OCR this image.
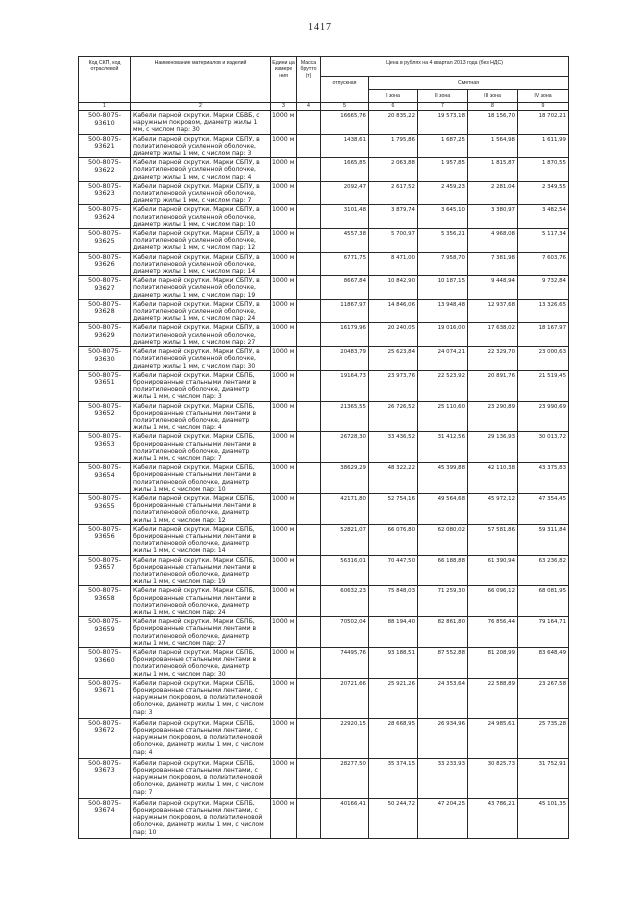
1417
Код СКП, код отраслевой	Наименование материалов и изделий	Едини ца измере ния	Масса брутто (т)	Цена в рублях на 4 квартал 2013 года (без НДС)				
				отпускная	Сметная			
					I зона	II зона	III зона	IV зона
1	2	3	4	5	6	7	8	9
500-8075-93610	Кабели парной скрутки. Марки СБВБ, с наружным покровом, диаметр жилы 1 мм, с числом пар: 30	1000 м		16665,76	20 835,22	19 573,18	18 156,70	18 702,21
500-8075-93621	Кабели парной скрутки. Марки СБПУ, в полиэтиленовой усиленной оболочке, диаметр жилы 1 мм, с числом пар: 3	1000 м		1438,61	1 795,86	1 687,25	1 564,98	1 611,99
500-8075-93622	Кабели парной скрутки. Марки СБПУ, в полиэтиленовой усиленной оболочке, диаметр жилы 1 мм, с числом пар: 4	1000 м		1665,85	2 063,88	1 957,85	1 815,87	1 870,55
500-8075-93623	Кабели парной скрутки. Марки СБПУ, в полиэтиленовой усиленной оболочке, диаметр жилы 1 мм, с числом пар: 7	1000 м		2092,47	2 617,52	2 459,23	2 281,04	2 349,55
500-8075-93624	Кабели парной скрутки. Марки СБПУ, в полиэтиленовой усиленной оболочке, диаметр жилы 1 мм, с числом пар: 10	1000 м		3101,48	3 879,74	3 645,10	3 380,97	3 482,54
500-8075-93625	Кабели парной скрутки. Марки СБПУ, в полиэтиленовой усиленной оболочке, диаметр жилы 1 мм, с числом пар: 12	1000 м		4557,38	5 700,97	5 356,21	4 968,08	5 117,34
500-8075-93626	Кабели парной скрутки. Марки СБПУ, в полиэтиленовой усиленной оболочке, диаметр жилы 1 мм, с числом пар: 14	1000 м		6771,75	8 471,00	7 958,70	7 381,98	7 603,76
500-8075-93627	Кабели парной скрутки. Марки СБПУ, в полиэтиленовой усиленной оболочке, диаметр жилы 1 мм, с числом пар: 19	1000 м		8667,84	10 842,90	10 187,15	9 448,94	9 732,84
500-8075-93628	Кабели парной скрутки. Марки СБПУ, в полиэтиленовой усиленной оболочке, диаметр жилы 1 мм, с числом пар: 24	1000 м		11867,97	14 846,06	13 948,48	12 937,68	13 326,65
500-8075-93629	Кабели парной скрутки. Марки СБПУ, в полиэтиленовой усиленной оболочке, диаметр жилы 1 мм, с числом пар: 27	1000 м		16179,96	20 240,05	19 016,00	17 638,02	18 167,97
500-8075-93630	Кабели парной скрутки. Марки СБПУ, в полиэтиленовой усиленной оболочке, диаметр жилы 1 мм, с числом пар: 30	1000 м		20483,79	25 623,84	24 074,21	22 329,70	23 000,63
500-8075-93651	Кабели парной скрутки. Марки СБПБ, бронированные стальными лентами в полиэтиленовой оболочке, диаметр жилы 1 мм, с числом пар: 3	1000 м		19164,73	23 973,76	22 523,92	20 891,76	21 519,45
500-8075-93652	Кабели парной скрутки. Марки СБПБ, бронированные стальными лентами в полиэтиленовой оболочке, диаметр жилы 1 мм, с числом пар: 4	1000 м		21365,55	26 726,52	25 110,60	23 290,89	23 990,69
500-8075-93653	Кабели парной скрутки. Марки СБПБ, бронированные стальными лентами в полиэтиленовой оболочке, диаметр жилы 1 мм, с числом пар: 7	1000 м		26728,30	33 436,52	31 412,56	29 136,93	30 013,72
500-8075-93654	Кабели парной скрутки. Марки СБПБ, бронированные стальными лентами в полиэтиленовой оболочке, диаметр жилы 1 мм, с числом пар: 10	1000 м		38629,29	48 322,22	45 399,88	42 110,38	43 375,83
500-8075-93655	Кабели парной скрутки. Марки СБПБ, бронированные стальными лентами в полиэтиленовой оболочке, диаметр жилы 1 мм, с числом пар: 12	1000 м		42171,80	52 754,16	49 564,68	45 972,12	47 354,45
500-8075-93656	Кабели парной скрутки. Марки СБПБ, бронированные стальными лентами в полиэтиленовой оболочке, диаметр жилы 1 мм, с числом пар: 14	1000 м		52821,07	66 076,80	62 080,02	57 581,86	59 311,84
500-8075-93657	Кабели парной скрутки. Марки СБПБ, бронированные стальными лентами в полиэтиленовой оболочке, диаметр жилы 1 мм, с числом пар: 19	1000 м		56316,01	70 447,50	66 188,88	61 390,94	63 236,82
500-8075-93658	Кабели парной скрутки. Марки СБПБ, бронированные стальными лентами в полиэтиленовой оболочке, диаметр жилы 1 мм, с числом пар: 24	1000 м		60632,23	75 848,03	71 259,30	66 096,12	68 081,95
500-8075-93659	Кабели парной скрутки. Марки СБПБ, бронированные стальными лентами в полиэтиленовой оболочке, диаметр жилы 1 мм, с числом пар: 27	1000 м		70502,04	88 194,40	82 861,80	76 856,44	79 164,71
500-8075-93660	Кабели парной скрутки. Марки СБПБ, бронированные стальными лентами в полиэтиленовой оболочке, диаметр жилы 1 мм, с числом пар: 30	1000 м		74495,76	93 188,51	87 552,88	81 208,99	83 648,49
500-8075-93671	Кабели парной скрутки. Марки СБПБ, бронированные стальными лентами, с наружным покровом, в полиэтиленовой оболочке, диаметр жилы 1 мм, с числом пар: 3	1000 м		20721,66	25 921,26	24 353,64	22 588,89	23 267,58
500-8075-93672	Кабели парной скрутки. Марки СБПБ, бронированные стальными лентами, с наружным покровом, в полиэтиленовой оболочке, диаметр жилы 1 мм, с числом пар: 4	1000 м		22920,15	28 668,95	26 934,96	24 985,61	25 735,28
500-8075-93673	Кабели парной скрутки. Марки СБПБ, бронированные стальными лентами, с наружным покровом, в полиэтиленовой оболочке, диаметр жилы 1 мм, с числом пар: 7	1000 м		28277,50	35 374,15	33 233,93	30 825,73	31 752,91
500-8075-93674	Кабели парной скрутки. Марки СБПБ, бронированные стальными лентами, с наружным покровом, в полиэтиленовой оболочке, диаметр жилы 1 мм, с числом пар: 10	1000 м		40166,41	50 244,72	47 204,25	43 786,21	45 101,35
